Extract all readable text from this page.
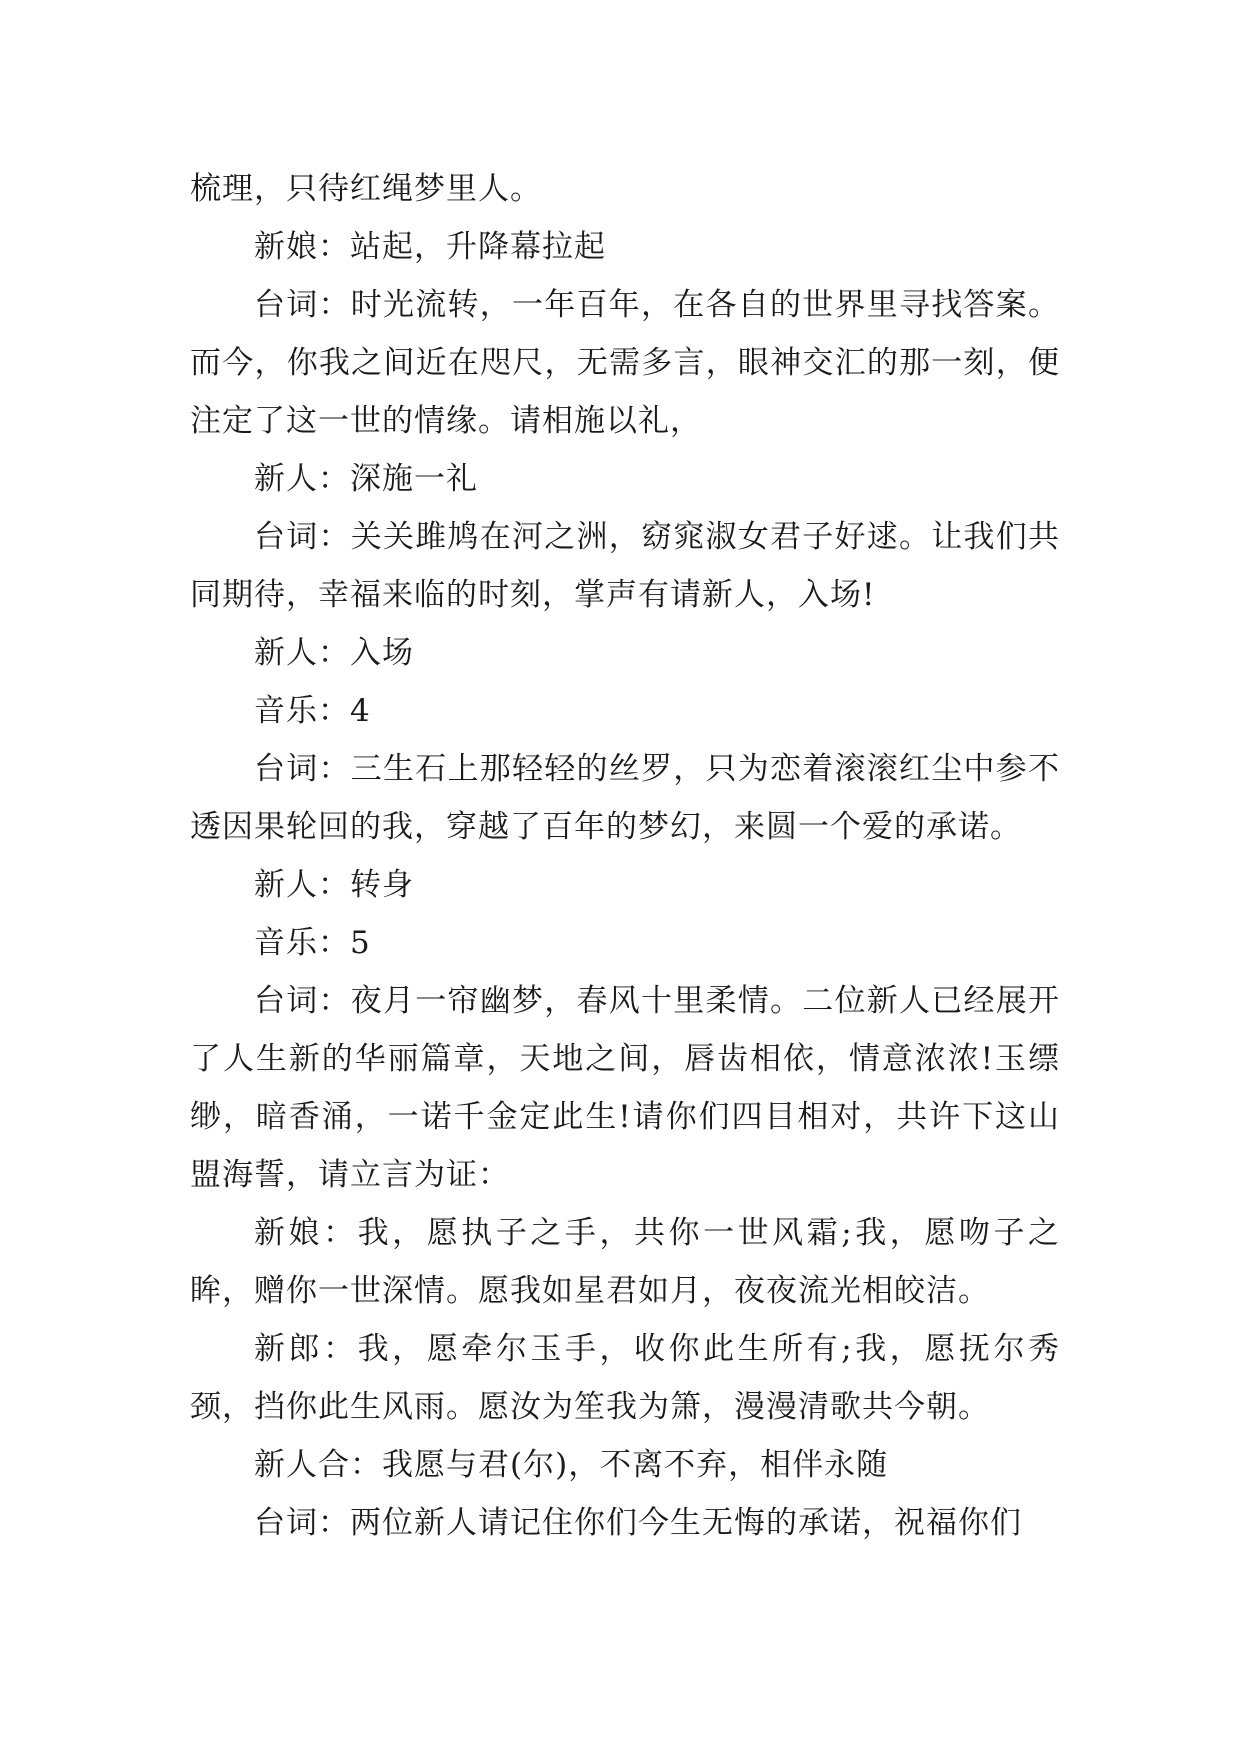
梳理，只待红绳梦里人。

新娘：站起，升降幕拉起

台词：时光流转，一年百年，在各自的世界里寻找答案。而今，你我之间近在咫尺，无需多言，眼神交汇的那一刻，便注定了这一世的情缘。请相施以礼，

新人：深施一礼

台词：关关雎鸠在河之洲，窈窕淑女君子好逑。让我们共同期待，幸福来临的时刻，掌声有请新人，入场!

新人：入场

音乐：4

台词：三生石上那轻轻的丝罗，只为恋着滚滚红尘中参不透因果轮回的我，穿越了百年的梦幻，来圆一个爱的承诺。

新人：转身

音乐：5

台词：夜月一帘幽梦，春风十里柔情。二位新人已经展开了人生新的华丽篇章，天地之间，唇齿相依，情意浓浓!玉缥缈，暗香涌，一诺千金定此生!请你们四目相对，共许下这山盟海誓，请立言为证：

新娘：我，愿执子之手，共你一世风霜;我，愿吻子之眸，赠你一世深情。愿我如星君如月，夜夜流光相皎洁。

新郎：我，愿牵尔玉手，收你此生所有;我，愿抚尔秀颈，挡你此生风雨。愿汝为笙我为箫，漫漫清歌共今朝。

新人合：我愿与君(尔)，不离不弃，相伴永随

台词：两位新人请记住你们今生无悔的承诺，祝福你们
